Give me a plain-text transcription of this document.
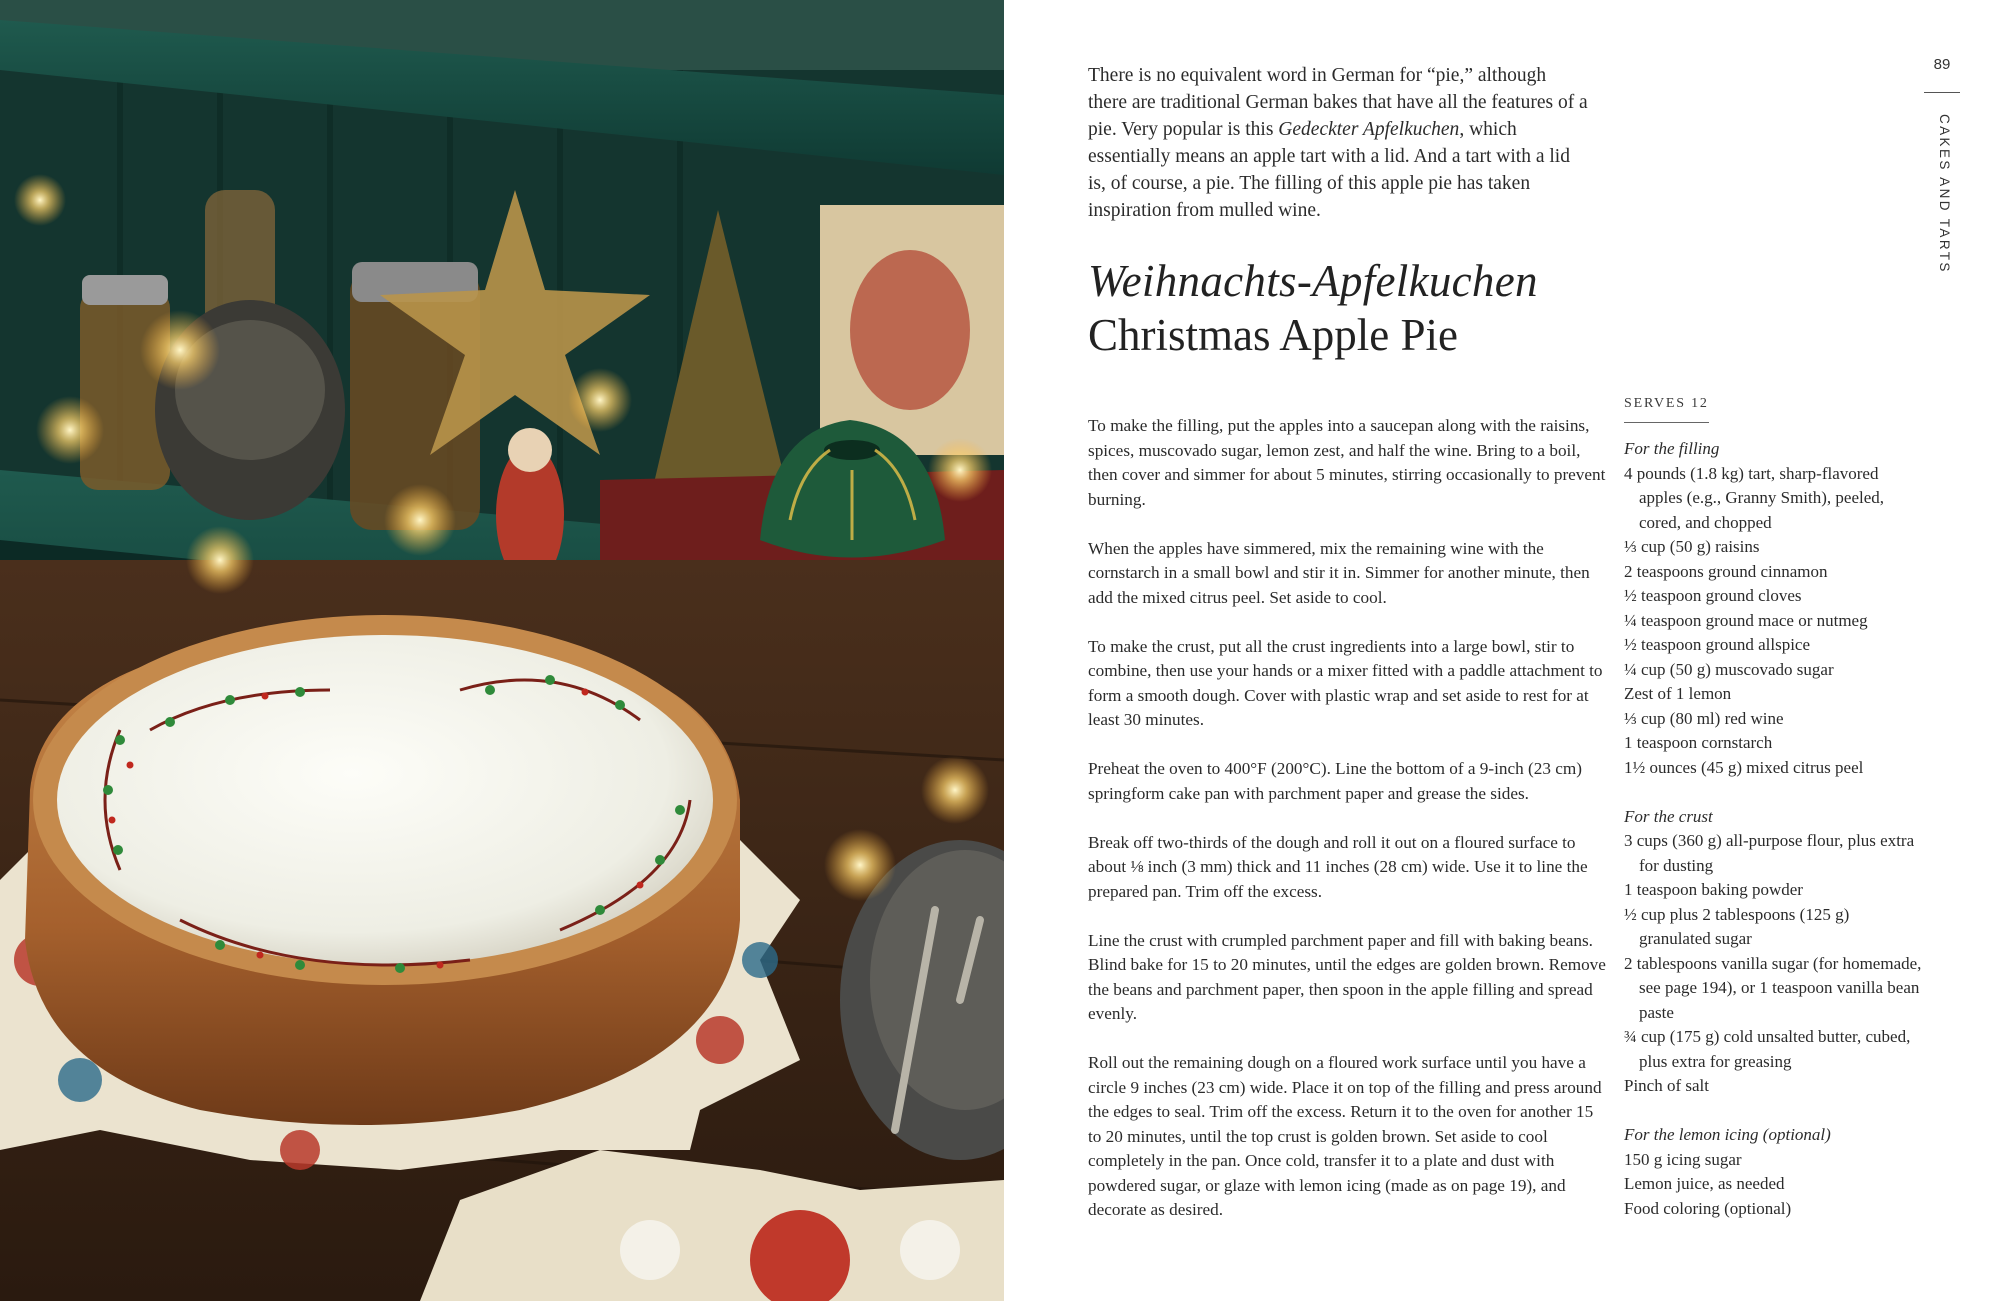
There is no equivalent word in German for “pie,” although there are traditional German bakes that have all the features of a pie. Very popular is this Gedeckter Apfelkuchen, which essentially means an apple tart with a lid. And a tart with a lid is, of course, a pie. The filling of this apple pie has taken inspiration from mulled wine.

Weihnachts-Apfelkuchen
Christmas Apple Pie

To make the filling, put the apples into a saucepan along with the raisins, spices, muscovado sugar, lemon zest, and half the wine. Bring to a boil, then cover and simmer for about 5 minutes, stirring occasionally to prevent burning.

When the apples have simmered, mix the remaining wine with the cornstarch in a small bowl and stir it in. Simmer for another minute, then add the mixed citrus peel. Set aside to cool.

To make the crust, put all the crust ingredients into a large bowl, stir to combine, then use your hands or a mixer fitted with a paddle attachment to form a smooth dough. Cover with plastic wrap and set aside to rest for at least 30 minutes.

Preheat the oven to 400°F (200°C). Line the bottom of a 9-inch (23 cm) springform cake pan with parchment paper and grease the sides.

Break off two-thirds of the dough and roll it out on a floured surface to about ⅛ inch (3 mm) thick and 11 inches (28 cm) wide. Use it to line the prepared pan. Trim off the excess.

Line the crust with crumpled parchment paper and fill with baking beans. Blind bake for 15 to 20 minutes, until the edges are golden brown. Remove the beans and parchment paper, then spoon in the apple filling and spread evenly.

Roll out the remaining dough on a floured work surface until you have a circle 9 inches (23 cm) wide. Place it on top of the filling and press around the edges to seal. Trim off the excess. Return it to the oven for another 15 to 20 minutes, until the top crust is golden brown. Set aside to cool completely in the pan. Once cold, transfer it to a plate and dust with powdered sugar, or glaze with lemon icing (made as on page 19), and decorate as desired.

SERVES 12
For the filling
4 pounds (1.8 kg) tart, sharp-flavored apples (e.g., Granny Smith), peeled, cored, and chopped
⅓ cup (50 g) raisins
2 teaspoons ground cinnamon
½ teaspoon ground cloves
¼ teaspoon ground mace or nutmeg
½ teaspoon ground allspice
¼ cup (50 g) muscovado sugar
Zest of 1 lemon
⅓ cup (80 ml) red wine
1 teaspoon cornstarch
1½ ounces (45 g) mixed citrus peel
For the crust
3 cups (360 g) all-purpose flour, plus extra for dusting
1 teaspoon baking powder
½ cup plus 2 tablespoons (125 g) granulated sugar
2 tablespoons vanilla sugar (for homemade, see page 194), or 1 teaspoon vanilla bean paste
¾ cup (175 g) cold unsalted butter, cubed, plus extra for greasing
Pinch of salt
For the lemon icing (optional)
150 g icing sugar
Lemon juice, as needed
Food coloring (optional)
89
CAKES AND TARTS
